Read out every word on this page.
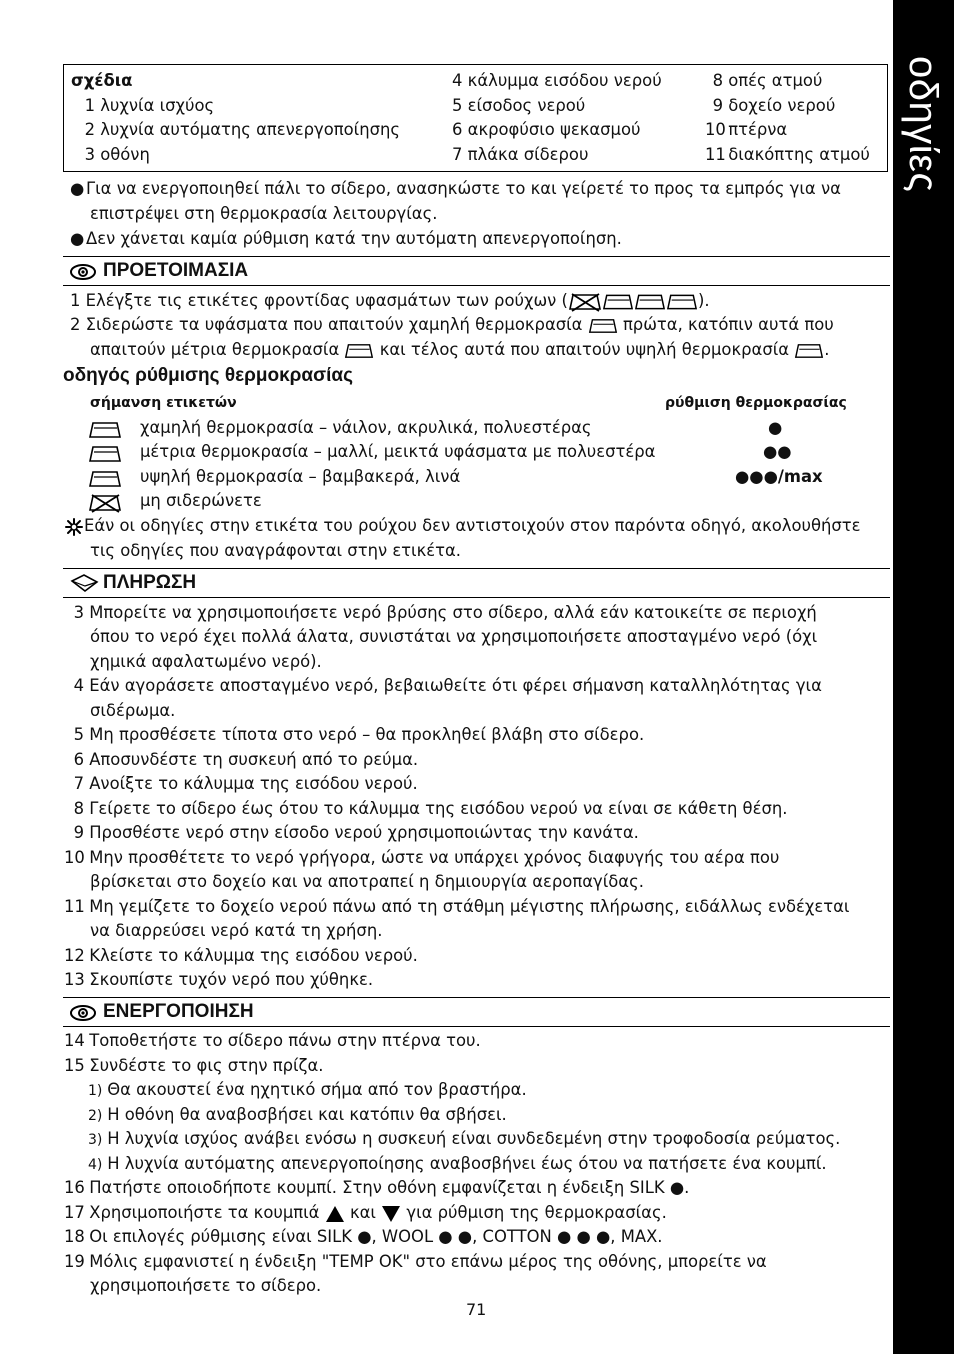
οδηγίες
σχέδια
1 λυχνία ισχύος
2 λυχνία αυτόματης απενεργοποίησης
3 οθόνη
4 κάλυμμα εισόδου νερού
5 είσοδος νερού
6 ακροφύσιο ψεκασμού
7 πλάκα σίδερου
8 οπές ατμού
9 δοχείο νερού
10 πτέρνα
11 διακόπτης ατμού
● Για να ενεργοποιηθεί πάλι το σίδερο, ανασηκώστε το και γείρετέ το προς τα εμπρός για να
επιστρέψει στη θερμοκρασία λειτουργίας.
● Δεν χάνεται καμία ρύθμιση κατά την αυτόματη απενεργοποίηση.
ΠΡΟΕΤΟΙΜΑΣΙΑ
1 Ελέγξτε τις ετικέτες φροντίδας υφασμάτων των ρούχων (	).
2 Σιδερώστε τα υφάσματα που απαιτούν χαμηλή θερμοκρασία πρώτα, κατόπιν αυτά που
απαιτούν μέτρια θερμοκρασία και τέλος αυτά που απαιτούν υψηλή θερμοκρασία .
οδηγός ρύθμισης θερμοκρασίας
σήμανση ετικετών	ρύθμιση θερμοκρασίας
χαμηλή θερμοκρασία – νάιλον, ακρυλικά, πολυεστέρας	●
μέτρια θερμοκρασία – μαλλί, μεικτά υφάσματα με πολυεστέρα	●●
υψηλή θερμοκρασία – βαμβακερά, λινά	●●●/max
μη σιδερώνετε
Εάν οι οδηγίες στην ετικέτα του ρούχου δεν αντιστοιχούν στον παρόντα οδηγό, ακολουθήστε
τις οδηγίες που αναγράφονται στην ετικέτα.
ΠΛΗΡΩΣΗ
3 Μπορείτε να χρησιμοποιήσετε νερό βρύσης στο σίδερο, αλλά εάν κατοικείτε σε περιοχή
όπου το νερό έχει πολλά άλατα, συνιστάται να χρησιμοποιήσετε αποσταγμένο νερό (όχι
χημικά αφαλατωμένο νερό).
4 Εάν αγοράσετε αποσταγμένο νερό, βεβαιωθείτε ότι φέρει σήμανση καταλληλότητας για
σιδέρωμα.
5 Μη προσθέσετε τίποτα στο νερό – θα προκληθεί βλάβη στο σίδερο.
6 Αποσυνδέστε τη συσκευή από το ρεύμα.
7 Ανοίξτε το κάλυμμα της εισόδου νερού.
8 Γείρετε το σίδερο έως ότου το κάλυμμα της εισόδου νερού να είναι σε κάθετη θέση.
9 Προσθέστε νερό στην είσοδο νερού χρησιμοποιώντας την κανάτα.
10 Μην προσθέτετε το νερό γρήγορα, ώστε να υπάρχει χρόνος διαφυγής του αέρα που
βρίσκεται στο δοχείο και να αποτραπεί η δημιουργία αεροπαγίδας.
11 Μη γεμίζετε το δοχείο νερού πάνω από τη στάθμη μέγιστης πλήρωσης, ειδάλλως ενδέχεται
να διαρρεύσει νερό κατά τη χρήση.
12 Κλείστε το κάλυμμα της εισόδου νερού.
13 Σκουπίστε τυχόν νερό που χύθηκε.
ΕΝΕΡΓΟΠΟΙΗΣΗ
14 Τοποθετήστε το σίδερο πάνω στην πτέρνα του.
15 Συνδέστε το φις στην πρίζα.
1) Θα ακουστεί ένα ηχητικό σήμα από τον βραστήρα.
2) Η οθόνη θα αναβοσβήσει και κατόπιν θα σβήσει.
3) Η λυχνία ισχύος ανάβει ενόσω η συσκευή είναι συνδεδεμένη στην τροφοδοσία ρεύματος.
4) Η λυχνία αυτόματης απενεργοποίησης αναβοσβήνει έως ότου να πατήσετε ένα κουμπί.
16 Πατήστε οποιοδήποτε κουμπί. Στην οθόνη εμφανίζεται η ένδειξη SILK ●.
17 Χρησιμοποιήστε τα κουμπιά και για ρύθμιση της θερμοκρασίας.
18 Οι επιλογές ρύθμισης είναι SILK ●, WOOL ● ●, COTTON ● ● ●, MAX.
19 Μόλις εμφανιστεί η ένδειξη "TEMP OK" στο επάνω μέρος της οθόνης, μπορείτε να
χρησιμοποιήσετε το σίδερο.
71
